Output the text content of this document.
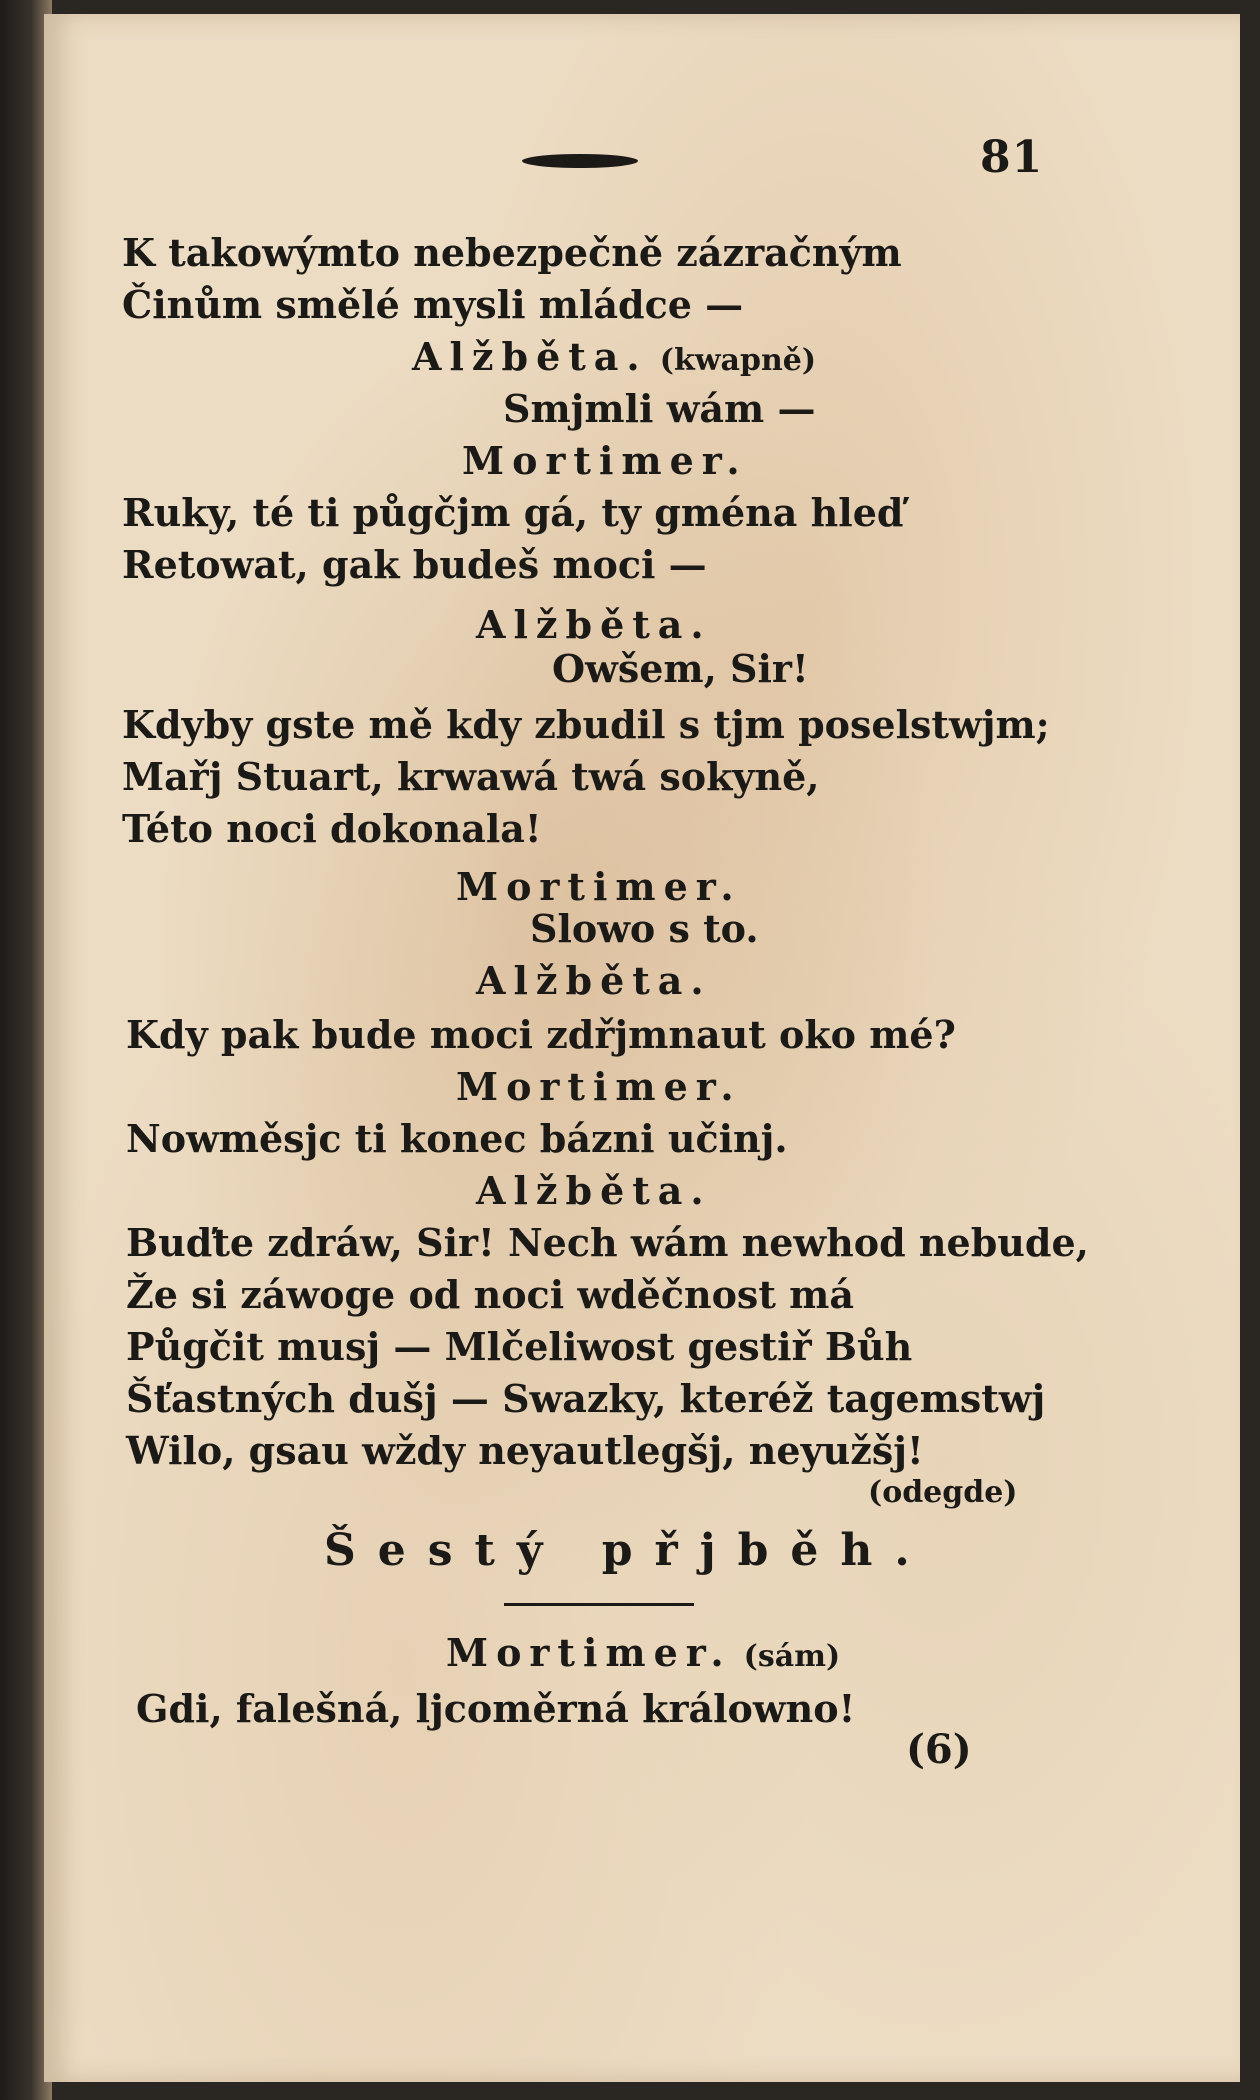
81
K takowýmto nebezpečně zázračným
Činům smělé mysli mládce —
Alžběta. (kwapně)
Smjmli wám —
Mortimer.
Ruky, té ti půgčjm gá, ty gména hleď
Retowat, gak budeš moci —
Alžběta.
Owšem, Sir!
Kdyby gste mě kdy zbudil s tjm poselstwjm;
Mařj Stuart, krwawá twá sokyně,
Této noci dokonala!
Mortimer.
Slowo s to.
Alžběta.
Kdy pak bude moci zdřjmnaut oko mé?
Mortimer.
Nowměsjc ti konec bázni učinj.
Alžběta.
Buďte zdráw, Sir! Nech wám newhod nebude,
Že si záwoge od noci wděčnost má
Půgčit musj — Mlčeliwost gestiř Bůh
Šťastných dušj — Swazky, kteréž tagemstwj
Wilo, gsau wždy neyautlegšj, neyužšj!
(odegde)
Šestý přjběh.
Mortimer. (sám)
Gdi, falešná, ljcoměrná králowno!
(6)
